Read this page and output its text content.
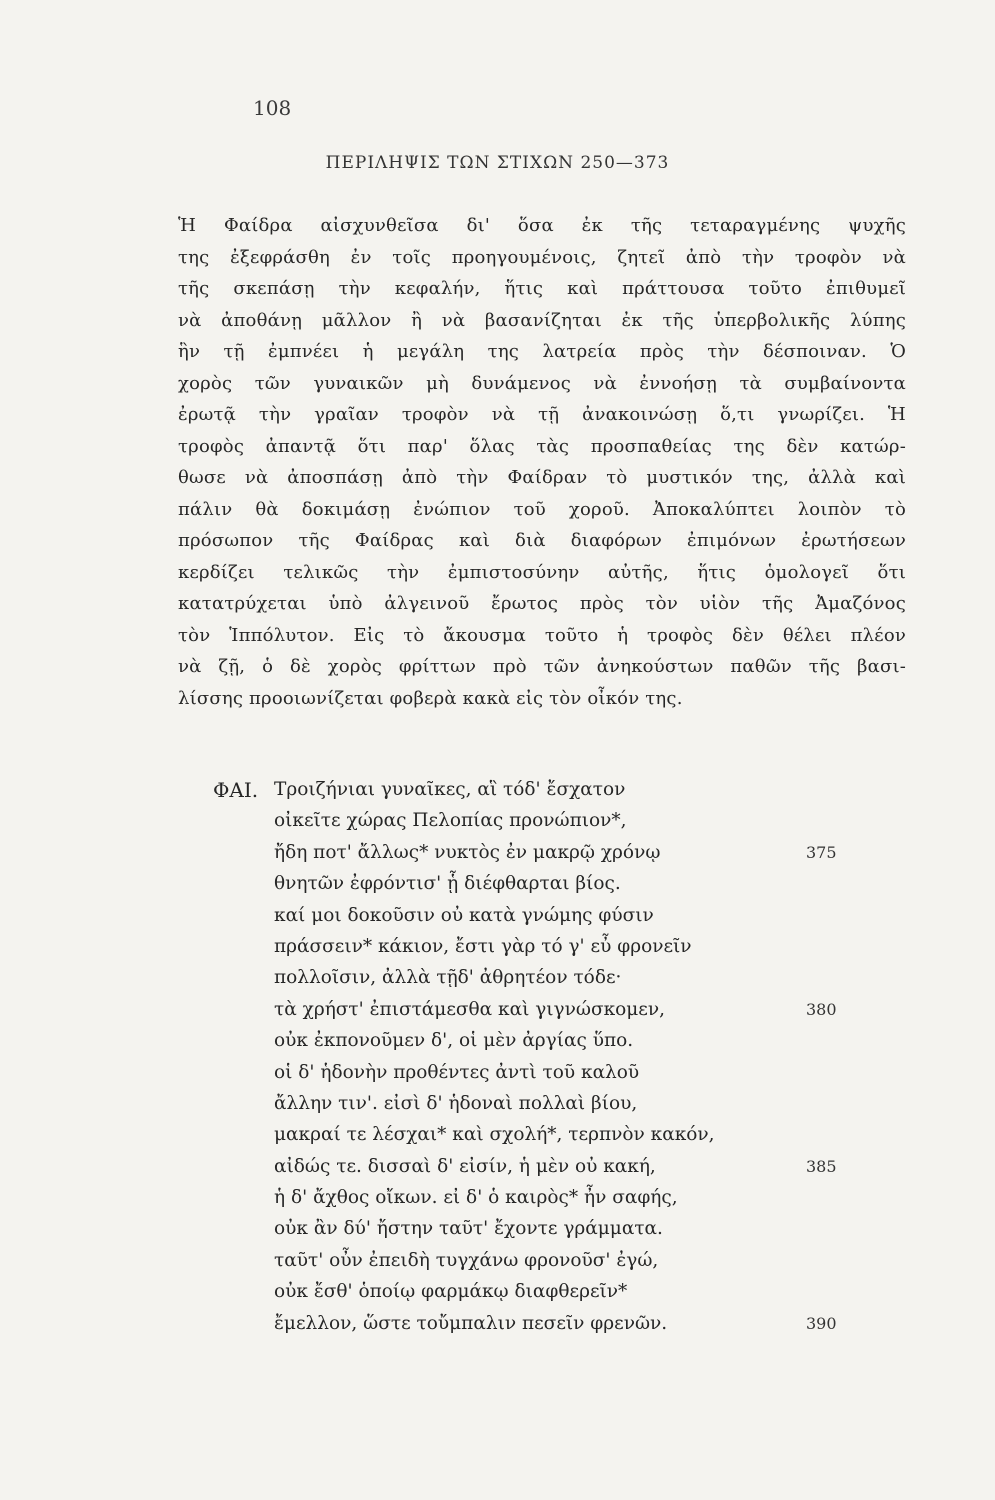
108
ΠΕΡΙΛΗΨΙΣ ΤΩΝ ΣΤΙΧΩΝ 250—373
Ἡ Φαίδρα αἰσχυνθεῖσα δι' ὅσα ἐκ τῆς τεταραγμένης ψυχῆς
της ἐξεφράσθη ἐν τοῖς προηγουμένοις, ζητεῖ ἀπὸ τὴν τροφὸν νὰ
τῆς σκεπάσῃ τὴν κεφαλήν, ἥτις καὶ πράττουσα τοῦτο ἐπιθυμεῖ
νὰ ἀποθάνῃ μᾶλλον ἢ νὰ βασανίζηται ἐκ τῆς ὑπερβολικῆς λύπης
ἣν τῇ ἐμπνέει ἡ μεγάλη της λατρεία πρὸς τὴν δέσποιναν. Ὁ
χορὸς τῶν γυναικῶν μὴ δυνάμενος νὰ ἐννοήσῃ τὰ συμβαίνοντα
ἐρωτᾷ τὴν γραῖαν τροφὸν νὰ τῇ ἀνακοινώσῃ ὅ,τι γνωρίζει. Ἡ
τροφὸς ἀπαντᾷ ὅτι παρ' ὅλας τὰς προσπαθείας της δὲν κατώρ-
θωσε νὰ ἀποσπάσῃ ἀπὸ τὴν Φαίδραν τὸ μυστικόν της, ἀλλὰ καὶ
πάλιν θὰ δοκιμάσῃ ἐνώπιον τοῦ χοροῦ. Ἀποκαλύπτει λοιπὸν τὸ
πρόσωπον τῆς Φαίδρας καὶ διὰ διαφόρων ἐπιμόνων ἐρωτήσεων
κερδίζει τελικῶς τὴν ἐμπιστοσύνην αὐτῆς, ἥτις ὁμολογεῖ ὅτι
κατατρύχεται ὑπὸ ἀλγεινοῦ ἔρωτος πρὸς τὸν υἱὸν τῆς Ἀμαζόνος
τὸν Ἱππόλυτον. Εἰς τὸ ἄκουσμα τοῦτο ἡ τροφὸς δὲν θέλει πλέον
νὰ ζῇ, ὁ δὲ χορὸς φρίττων πρὸ τῶν ἀνηκούστων παθῶν τῆς βασι-
λίσσης προοιωνίζεται φοβερὰ κακὰ εἰς τὸν οἶκόν της.
ΦΑΙ. Τροιζήνιαι γυναῖκες, αἳ τόδ' ἔσχατον
οἰκεῖτε χώρας Πελοπίας προνώπιον*,
ἤδη ποτ' ἄλλως* νυκτὸς ἐν μακρῷ χρόνῳ	375
θνητῶν ἐφρόντισ' ᾗ διέφθαρται βίος.
καί μοι δοκοῦσιν οὐ κατὰ γνώμης φύσιν
πράσσειν* κάκιον, ἔστι γὰρ τό γ' εὖ φρονεῖν
πολλοῖσιν, ἀλλὰ τῇδ' ἀθρητέον τόδε·
τὰ χρήστ' ἐπιστάμεσθα καὶ γιγνώσκομεν,	380
οὐκ ἐκπονοῦμεν δ', οἱ μὲν ἀργίας ὕπο.
οἱ δ' ἡδονὴν προθέντες ἀντὶ τοῦ καλοῦ
ἄλλην τιν'. εἰσὶ δ' ἡδοναὶ πολλαὶ βίου,
μακραί τε λέσχαι* καὶ σχολή*, τερπνὸν κακόν,
αἰδώς τε. δισσαὶ δ' εἰσίν, ἡ μὲν οὐ κακή,	385
ἡ δ' ἄχθος οἴκων. εἰ δ' ὁ καιρὸς* ἦν σαφής,
οὐκ ἂν δύ' ἤστην ταῦτ' ἔχοντε γράμματα.
ταῦτ' οὖν ἐπειδὴ τυγχάνω φρονοῦσ' ἐγώ,
οὐκ ἔσθ' ὁποίῳ φαρμάκῳ διαφθερεῖν*
ἔμελλον, ὥστε τοὔμπαλιν πεσεῖν φρενῶν.	390
